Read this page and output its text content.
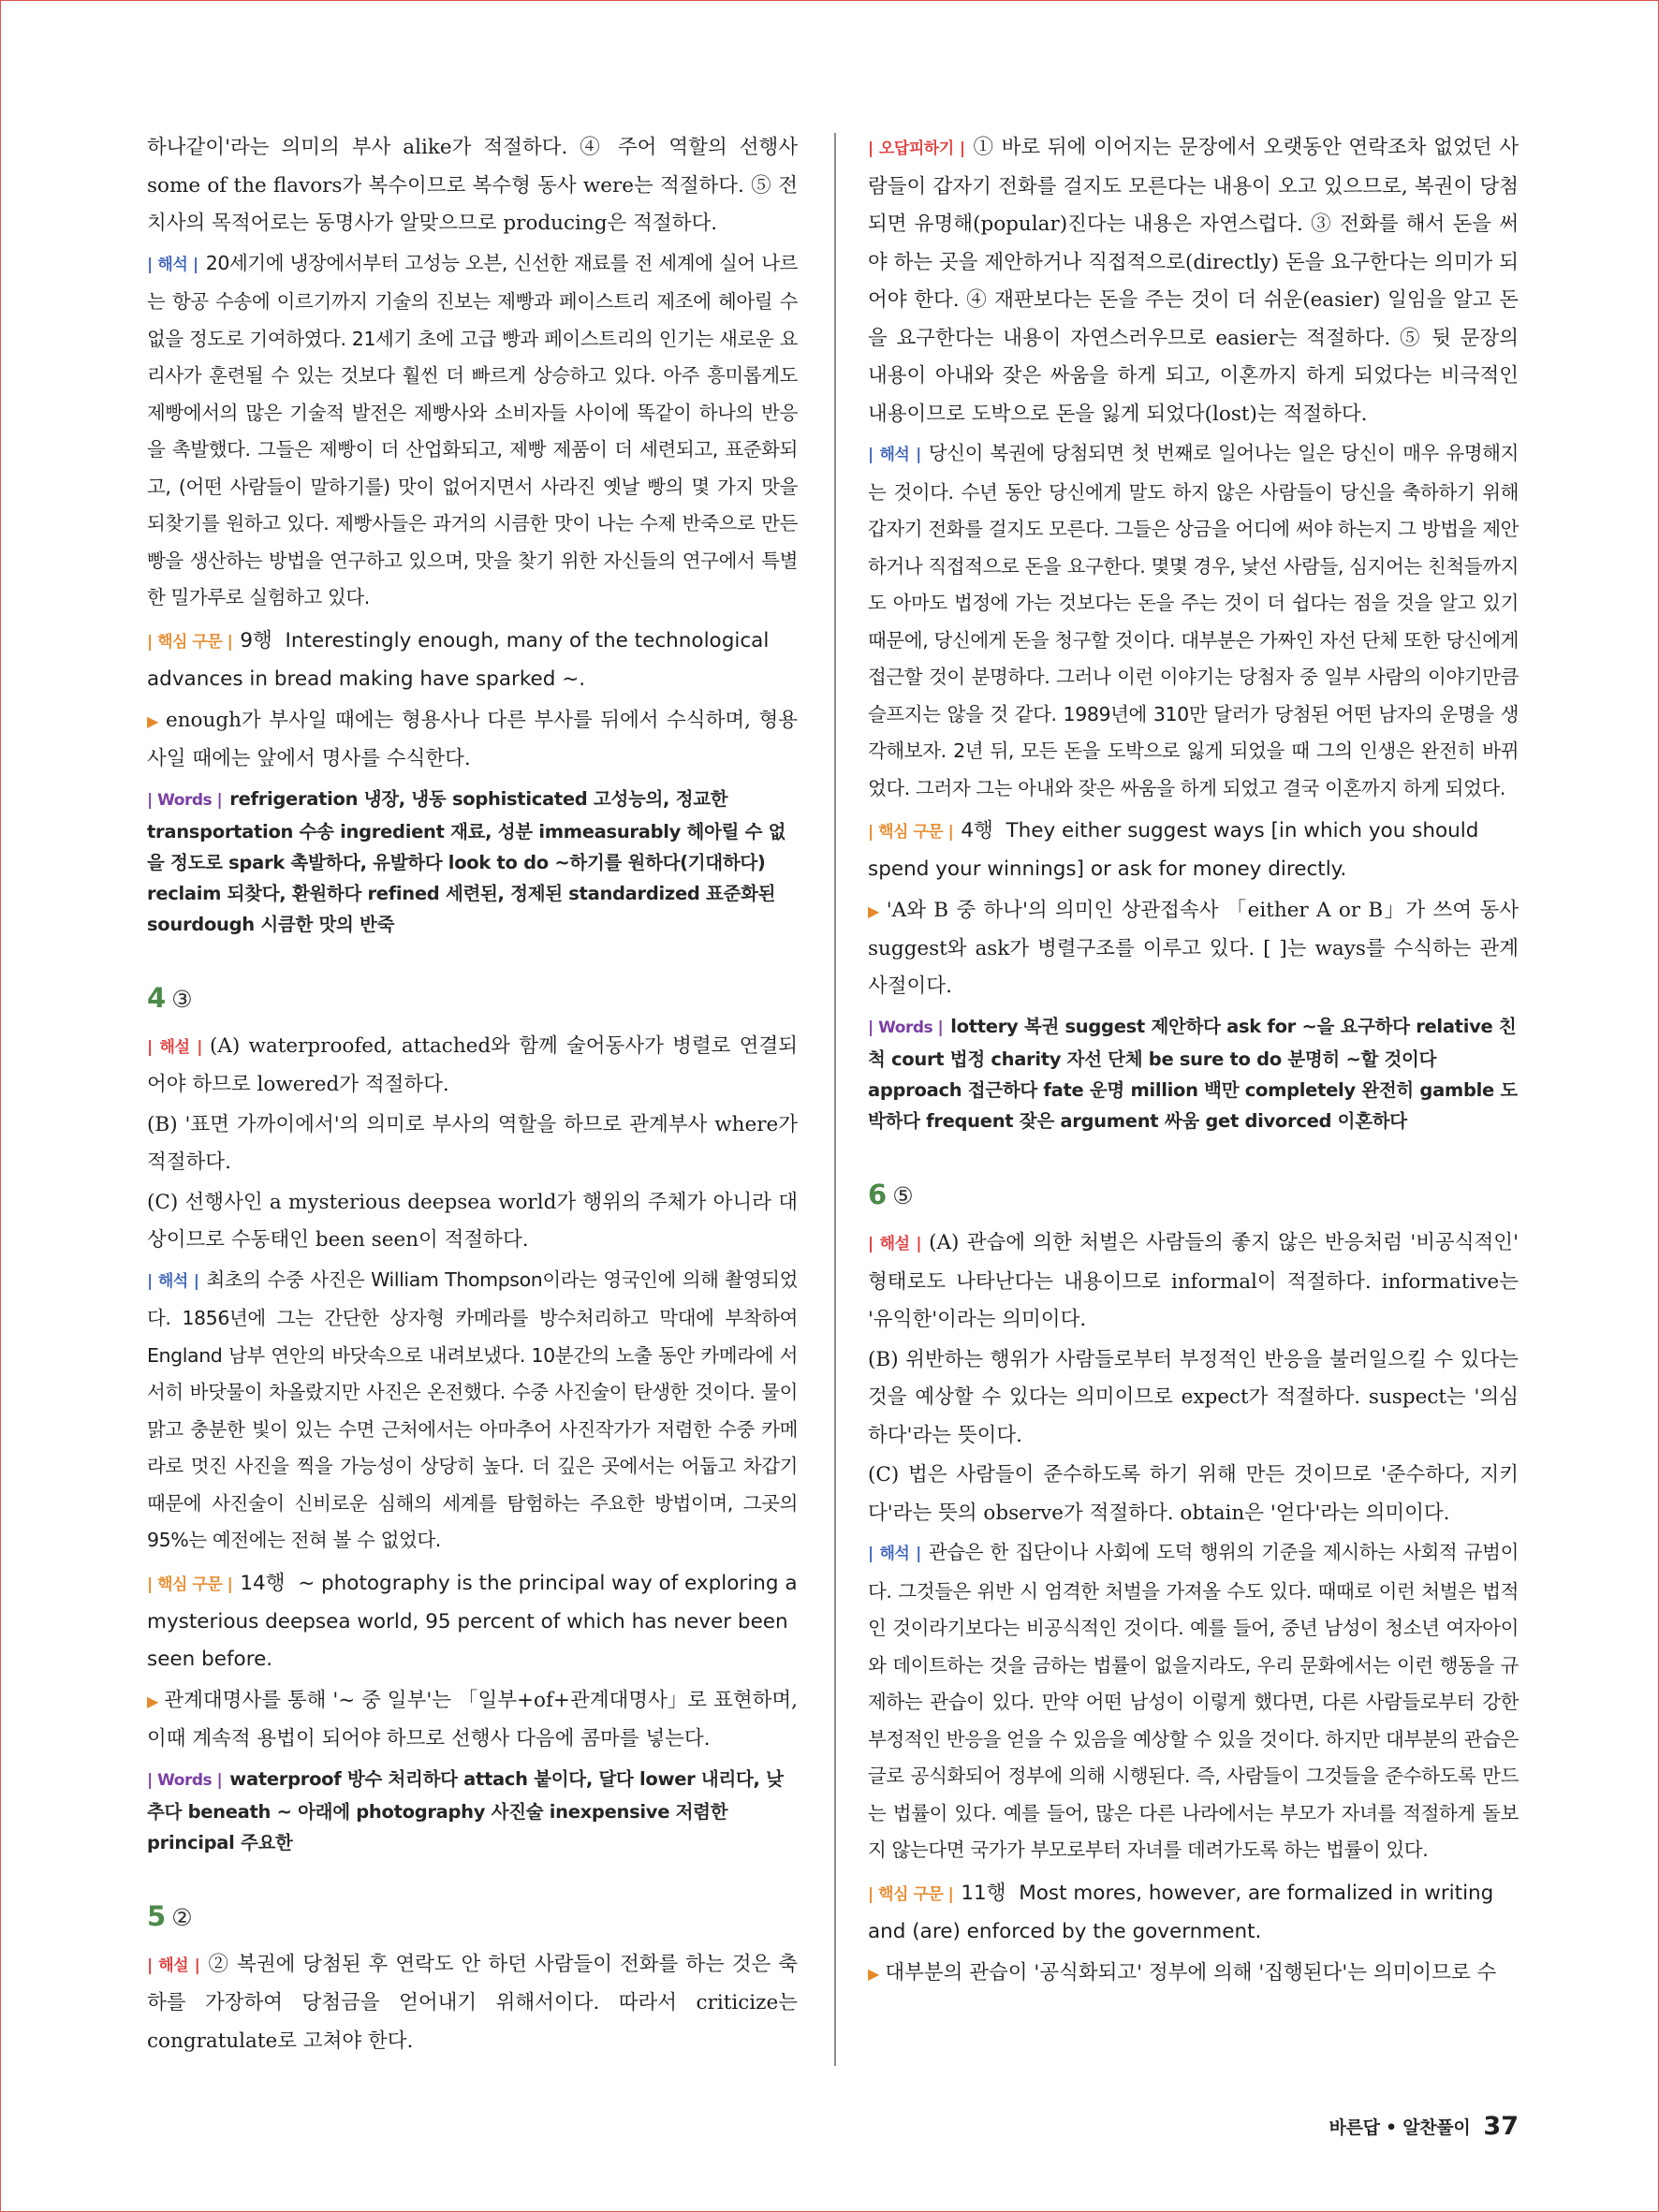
하나같이'라는 의미의 부사 alike가 적절하다. ④ 주어 역할의 선행사 some of the flavors가 복수이므로 복수형 동사 were는 적절하다. ⑤ 전치사의 목적어로는 동명사가 알맞으므로 producing은 적절하다.

| 해석 | 20세기에 냉장에서부터 고성능 오븐, 신선한 재료를 전 세계에 실어 나르는 항공 수송에 이르기까지 기술의 진보는 제빵과 페이스트리 제조에 헤아릴 수 없을 정도로 기여하였다. 21세기 초에 고급 빵과 페이스트리의 인기는 새로운 요리사가 훈련될 수 있는 것보다 훨씬 더 빠르게 상승하고 있다. 아주 흥미롭게도 제빵에서의 많은 기술적 발전은 제빵사와 소비자들 사이에 똑같이 하나의 반응을 촉발했다. 그들은 제빵이 더 산업화되고, 제빵 제품이 더 세련되고, 표준화되고, (어떤 사람들이 말하기를) 맛이 없어지면서 사라진 옛날 빵의 몇 가지 맛을 되찾기를 원하고 있다. 제빵사들은 과거의 시큼한 맛이 나는 수제 반죽으로 만든 빵을 생산하는 방법을 연구하고 있으며, 맛을 찾기 위한 자신들의 연구에서 특별한 밀가루로 실험하고 있다.

| 핵심 구문 | 9행 Interestingly enough, many of the technological advances in bread making have sparked ~.

▶ enough가 부사일 때에는 형용사나 다른 부사를 뒤에서 수식하며, 형용사일 때에는 앞에서 명사를 수식한다.

| Words | refrigeration 냉장, 냉동 sophisticated 고성능의, 정교한 transportation 수송 ingredient 재료, 성분 immeasurably 헤아릴 수 없을 정도로 spark 촉발하다, 유발하다 look to do ~하기를 원하다(기대하다) reclaim 되찾다, 환원하다 refined 세련된, 정제된 standardized 표준화된 sourdough 시큼한 맛의 반죽

4 ③

| 해설 | (A) waterproofed, attached와 함께 술어동사가 병렬로 연결되어야 하므로 lowered가 적절하다.

(B) '표면 가까이에서'의 의미로 부사의 역할을 하므로 관계부사 where가 적절하다.

(C) 선행사인 a mysterious deepsea world가 행위의 주체가 아니라 대상이므로 수동태인 been seen이 적절하다.

| 해석 | 최초의 수중 사진은 William Thompson이라는 영국인에 의해 촬영되었다. 1856년에 그는 간단한 상자형 카메라를 방수처리하고 막대에 부착하여 England 남부 연안의 바닷속으로 내려보냈다. 10분간의 노출 동안 카메라에 서서히 바닷물이 차올랐지만 사진은 온전했다. 수중 사진술이 탄생한 것이다. 물이 맑고 충분한 빛이 있는 수면 근처에서는 아마추어 사진작가가 저렴한 수중 카메라로 멋진 사진을 찍을 가능성이 상당히 높다. 더 깊은 곳에서는 어둡고 차갑기 때문에 사진술이 신비로운 심해의 세계를 탐험하는 주요한 방법이며, 그곳의 95%는 예전에는 전혀 볼 수 없었다.

| 핵심 구문 | 14행 ~ photography is the principal way of exploring a mysterious deepsea world, 95 percent of which has never been seen before.

▶ 관계대명사를 통해 '~ 중 일부'는 「일부+of+관계대명사」로 표현하며, 이때 계속적 용법이 되어야 하므로 선행사 다음에 콤마를 넣는다.

| Words | waterproof 방수 처리하다 attach 붙이다, 달다 lower 내리다, 낮추다 beneath ~ 아래에 photography 사진술 inexpensive 저렴한 principal 주요한

5 ②

| 해설 | ② 복권에 당첨된 후 연락도 안 하던 사람들이 전화를 하는 것은 축하를 가장하여 당첨금을 얻어내기 위해서이다. 따라서 criticize는 congratulate로 고쳐야 한다.

| 오답피하기 | ① 바로 뒤에 이어지는 문장에서 오랫동안 연락조차 없었던 사람들이 갑자기 전화를 걸지도 모른다는 내용이 오고 있으므로, 복권이 당첨되면 유명해(popular)진다는 내용은 자연스럽다. ③ 전화를 해서 돈을 써야 하는 곳을 제안하거나 직접적으로(directly) 돈을 요구한다는 의미가 되어야 한다. ④ 재판보다는 돈을 주는 것이 더 쉬운(easier) 일임을 알고 돈을 요구한다는 내용이 자연스러우므로 easier는 적절하다. ⑤ 뒷 문장의 내용이 아내와 잦은 싸움을 하게 되고, 이혼까지 하게 되었다는 비극적인 내용이므로 도박으로 돈을 잃게 되었다(lost)는 적절하다.

| 해석 | 당신이 복권에 당첨되면 첫 번째로 일어나는 일은 당신이 매우 유명해지는 것이다. 수년 동안 당신에게 말도 하지 않은 사람들이 당신을 축하하기 위해 갑자기 전화를 걸지도 모른다. 그들은 상금을 어디에 써야 하는지 그 방법을 제안하거나 직접적으로 돈을 요구한다. 몇몇 경우, 낯선 사람들, 심지어는 친척들까지도 아마도 법정에 가는 것보다는 돈을 주는 것이 더 쉽다는 점을 것을 알고 있기 때문에, 당신에게 돈을 청구할 것이다. 대부분은 가짜인 자선 단체 또한 당신에게 접근할 것이 분명하다. 그러나 이런 이야기는 당첨자 중 일부 사람의 이야기만큼 슬프지는 않을 것 같다. 1989년에 310만 달러가 당첨된 어떤 남자의 운명을 생각해보자. 2년 뒤, 모든 돈을 도박으로 잃게 되었을 때 그의 인생은 완전히 바뀌었다. 그러자 그는 아내와 잦은 싸움을 하게 되었고 결국 이혼까지 하게 되었다.

| 핵심 구문 | 4행 They either suggest ways [in which you should spend your winnings] or ask for money directly.

▶ 'A와 B 중 하나'의 의미인 상관접속사 「either A or B」가 쓰여 동사 suggest와 ask가 병렬구조를 이루고 있다. [ ]는 ways를 수식하는 관계사절이다.

| Words | lottery 복권 suggest 제안하다 ask for ~을 요구하다 relative 친척 court 법정 charity 자선 단체 be sure to do 분명히 ~할 것이다 approach 접근하다 fate 운명 million 백만 completely 완전히 gamble 도박하다 frequent 잦은 argument 싸움 get divorced 이혼하다

6 ⑤

| 해설 | (A) 관습에 의한 처벌은 사람들의 좋지 않은 반응처럼 '비공식적인' 형태로도 나타난다는 내용이므로 informal이 적절하다. informative는 '유익한'이라는 의미이다.

(B) 위반하는 행위가 사람들로부터 부정적인 반응을 불러일으킬 수 있다는 것을 예상할 수 있다는 의미이므로 expect가 적절하다. suspect는 '의심하다'라는 뜻이다.

(C) 법은 사람들이 준수하도록 하기 위해 만든 것이므로 '준수하다, 지키다'라는 뜻의 observe가 적절하다. obtain은 '얻다'라는 의미이다.

| 해석 | 관습은 한 집단이나 사회에 도덕 행위의 기준을 제시하는 사회적 규범이다. 그것들은 위반 시 엄격한 처벌을 가져올 수도 있다. 때때로 이런 처벌은 법적인 것이라기보다는 비공식적인 것이다. 예를 들어, 중년 남성이 청소년 여자아이와 데이트하는 것을 금하는 법률이 없을지라도, 우리 문화에서는 이런 행동을 규제하는 관습이 있다. 만약 어떤 남성이 이렇게 했다면, 다른 사람들로부터 강한 부정적인 반응을 얻을 수 있음을 예상할 수 있을 것이다. 하지만 대부분의 관습은 글로 공식화되어 정부에 의해 시행된다. 즉, 사람들이 그것들을 준수하도록 만드는 법률이 있다. 예를 들어, 많은 다른 나라에서는 부모가 자녀를 적절하게 돌보지 않는다면 국가가 부모로부터 자녀를 데려가도록 하는 법률이 있다.

| 핵심 구문 | 11행 Most mores, however, are formalized in writing and (are) enforced by the government.

▶ 대부분의 관습이 '공식화되고' 정부에 의해 '집행된다'는 의미이므로 수

바른답 • 알찬풀이 37
